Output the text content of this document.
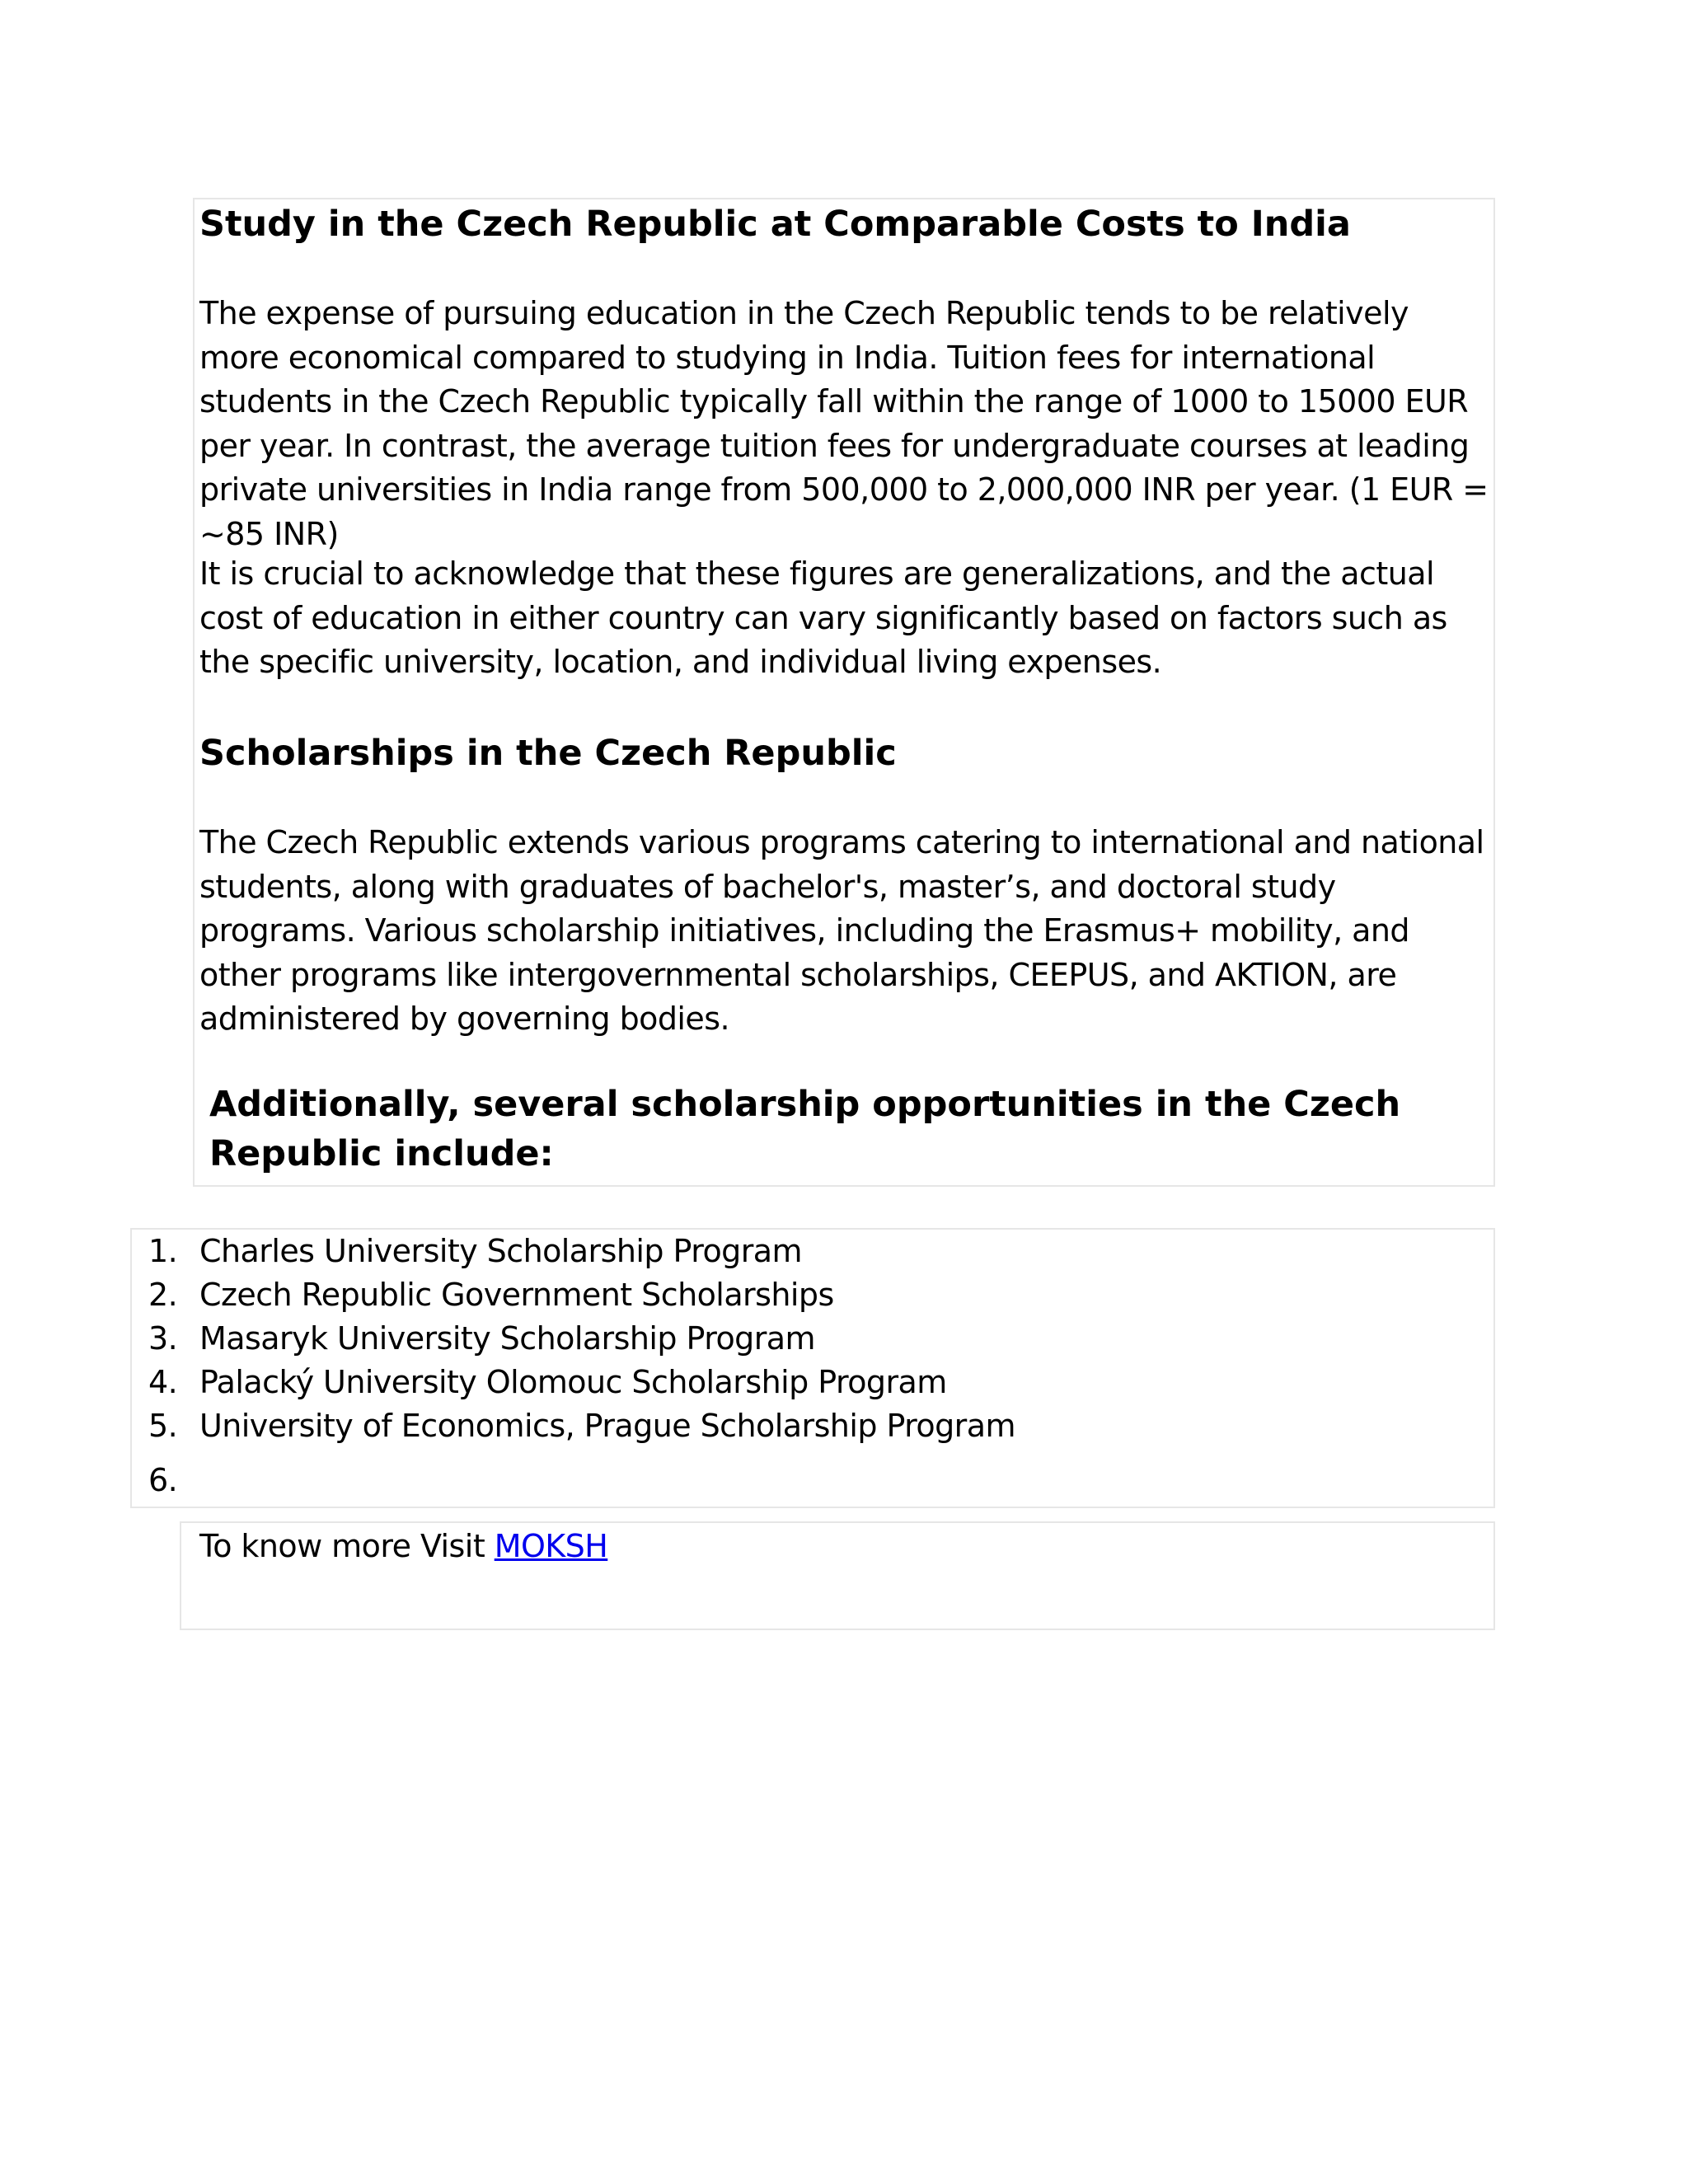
Study in the Czech Republic at Comparable Costs to India

The expense of pursuing education in the Czech Republic tends to be relatively more economical compared to studying in India. Tuition fees for international students in the Czech Republic typically fall within the range of 1000 to 15000 EUR per year. In contrast, the average tuition fees for undergraduate courses at leading private universities in India range from 500,000 to 2,000,000 INR per year. (1 EUR = ~85 INR)

It is crucial to acknowledge that these figures are generalizations, and the actual cost of education in either country can vary significantly based on factors such as the specific university, location, and individual living expenses.

Scholarships in the Czech Republic

The Czech Republic extends various programs catering to international and national students, along with graduates of bachelor's, master’s, and doctoral study programs. Various scholarship initiatives, including the Erasmus+ mobility, and other programs like intergovernmental scholarships, CEEPUS, and AKTION, are administered by governing bodies.

Additionally, several scholarship opportunities in the Czech Republic include:
1. Charles University Scholarship Program
2. Czech Republic Government Scholarships
3. Masaryk University Scholarship Program
4. Palacký University Olomouc Scholarship Program
5. University of Economics, Prague Scholarship Program
6.
To know more Visit MOKSH
